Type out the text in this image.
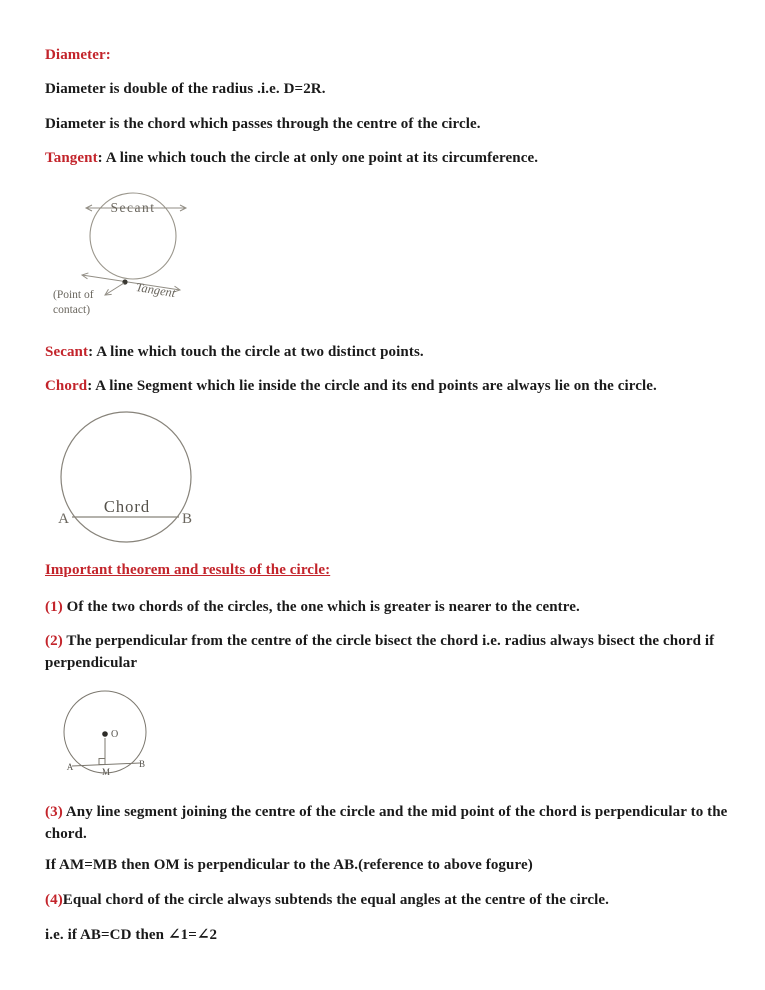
Diameter:
Diameter is double of the radius .i.e. D=2R.
Diameter is the chord which passes through the centre of the circle.
Tangent: A line which touch the circle at only one point at its circumference.
Secant
Tangent
(Point of
contact)
Secant: A line which touch the circle at two distinct points.
Chord: A line Segment which lie inside the circle and its end points are always lie on the circle.
Chord
A	B
Important theorem and results of the circle:
(1) Of the two chords of the circles, the one which is greater is nearer to the centre.
(2) The perpendicular from the centre of the circle bisect the chord i.e. radius always bisect the chord if perpendicular
O
A	M
B
(3) Any line segment joining the centre of the circle and the mid point of the chord is perpendicular to the chord.
If AM=MB then OM is perpendicular to the AB.(reference to above fogure)
(4)Equal chord of the circle always subtends the equal angles at the centre of the circle.
i.e. if AB=CD then ∠1=∠2
